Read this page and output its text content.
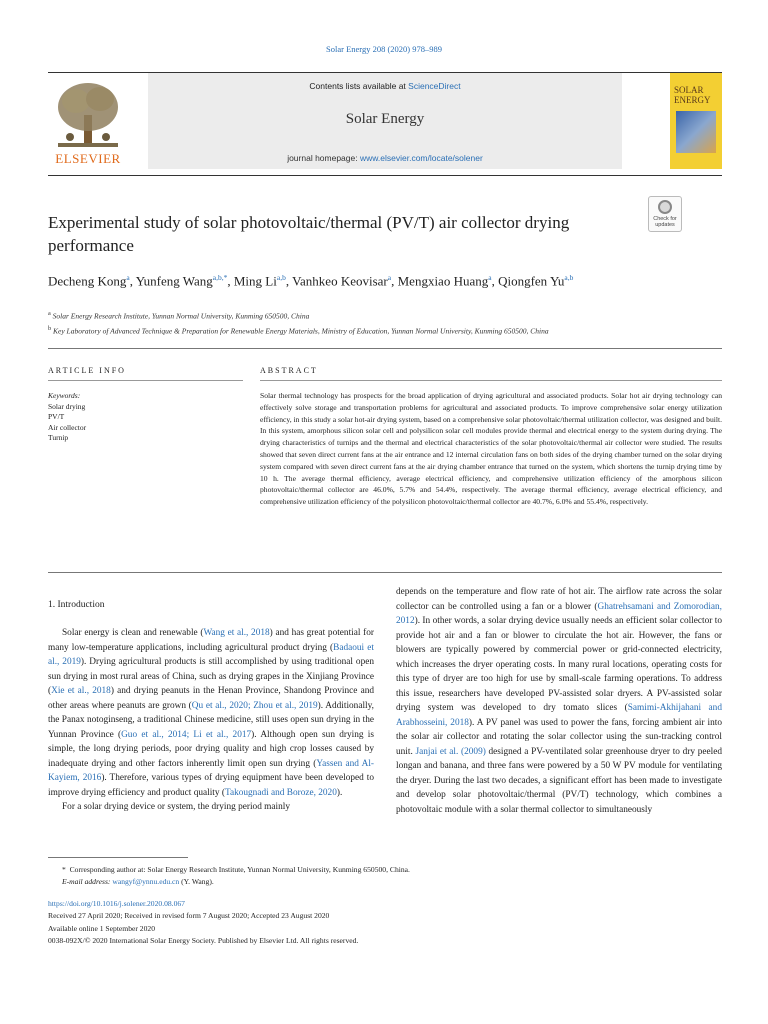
Solar Energy 208 (2020) 978–989
ELSEVIER
Contents lists available at ScienceDirect
Solar Energy
journal homepage: www.elsevier.com/locate/solener
SOLAR
ENERGY
Experimental study of solar photovoltaic/thermal (PV/T) air collector drying performance
Check for
updates
Decheng Kong$^a$, Yunfeng Wang$^{a,b,*}$, Ming Li$^{a,b}$, Vanhkeo Keovisar$^a$, Mengxiao Huang$^a$, Qiongfen Yu$^{a,b}$
$^a$ Solar Energy Research Institute, Yunnan Normal University, Kunming 650500, China
$^b$ Key Laboratory of Advanced Technique & Preparation for Renewable Energy Materials, Ministry of Education, Yunnan Normal University, Kunming 650500, China
ARTICLE INFO
Keywords:
Solar drying
PV/T
Air collector
Turnip
ABSTRACT
Solar thermal technology has prospects for the broad application of drying agricultural and associated products. Solar hot air drying technology can effectively solve storage and transportation problems for agricultural and associated products. To improve comprehensive solar energy utilization efficiency, in this study a solar hot-air drying system, based on a comprehensive solar photovoltaic/thermal utilization collector, was designed and built. In this system, amorphous silicon solar cell and polysilicon solar cell modules provide thermal and electrical energy to the system during drying. The drying characteristics of turnips and the thermal and electrical characteristics of the solar photovoltaic/thermal air collector were studied. The results showed that seven direct current fans at the air entrance and 12 internal circulation fans on both sides of the drying chamber turned on the solar drying system compared with seven direct current fans at the air drying chamber entrance that turned on the system, which shortens the turnip drying time by 10 h. The average thermal efficiency, average electrical efficiency, and comprehensive utilization efficiency of the amorphous silicon photovoltaic/thermal collector are 46.0%, 5.7% and 54.4%, respectively. The average thermal efficiency, average electrical efficiency, and comprehensive utilization efficiency of the polysilicon photovoltaic/thermal collector are 40.7%, 6.0% and 55.4%, respectively.
1. Introduction
Solar energy is clean and renewable (Wang et al., 2018) and has great potential for many low-temperature applications, including agricultural product drying (Badaoui et al., 2019). Drying agricultural products is still accomplished by using traditional open sun drying in most rural areas of China, such as drying grapes in the Xinjiang Province (Xie et al., 2018) and drying peanuts in the Henan Province, Shandong Province and other areas where peanuts are grown (Qu et al., 2020; Zhou et al., 2019). Additionally, the Panax notoginseng, a traditional Chinese medicine, still uses open sun drying in the Yunnan Province (Guo et al., 2014; Li et al., 2017). Although open sun drying is simple, the long drying periods, poor drying quality and high crop losses caused by inadequate drying and other factors inherently limit open sun drying (Yassen and Al-Kayiem, 2016). Therefore, various types of drying equipment have been developed to improve drying efficiency and product quality (Takougnadi and Boroze, 2020).
For a solar drying device or system, the drying period mainly
depends on the temperature and flow rate of hot air. The airflow rate across the solar collector can be controlled using a fan or a blower (Ghatrehsamani and Zomorodian, 2012). In other words, a solar drying device usually needs an efficient solar collector to provide hot air and a fan or blower to circulate the hot air. However, the fans or blowers are typically powered by commercial power or grid-connected electricity, which increases the dryer operating costs. In many rural locations, operating costs for this type of dryer are too high for use by small-scale farming operations. To address this issue, researchers have developed PV-assisted solar dryers. A PV-assisted solar drying system was developed to dry tomato slices (Samimi-Akhijahani and Arabhosseini, 2018). A PV panel was used to power the fans, forcing ambient air into the solar air collector and rotating the solar collector using the sun-tracking control unit. Janjai et al. (2009) designed a PV-ventilated solar greenhouse dryer to dry peeled longan and banana, and three fans were powered by a 50 W PV module for ventilating the dryer. During the last two decades, a significant effort has been made to investigate and develop solar photovoltaic/thermal (PV/T) technology, which combines a photovoltaic module with a solar thermal collector to simultaneously
* Corresponding author at: Solar Energy Research Institute, Yunnan Normal University, Kunming 650500, China.
E-mail address: wangyf@ynnu.edu.cn (Y. Wang).
https://doi.org/10.1016/j.solener.2020.08.067
Received 27 April 2020; Received in revised form 7 August 2020; Accepted 23 August 2020
Available online 1 September 2020
0038-092X/© 2020 International Solar Energy Society. Published by Elsevier Ltd. All rights reserved.
